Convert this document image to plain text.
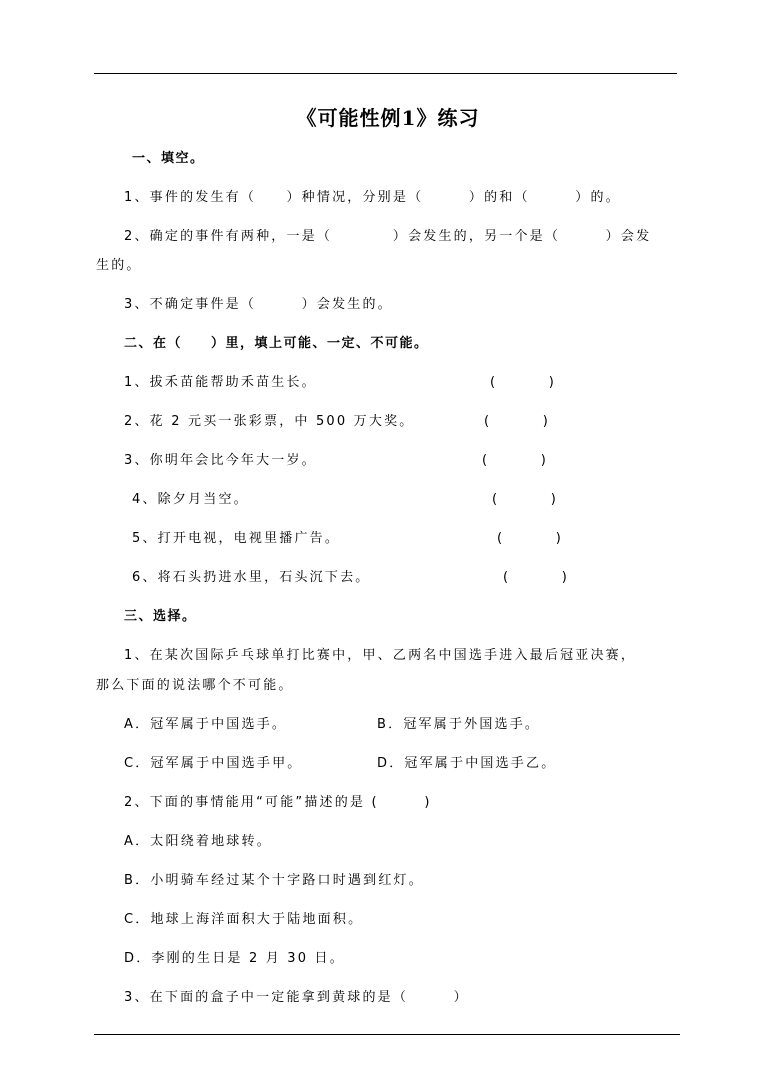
《可能性例1》练习
一、填空。
1、事件的发生有（　　）种情况，分别是（　　　）的和（　　　）的。
2、确定的事件有两种，一是（　　　　）会发生的，另一个是（　　　）会发
生的。
3、不确定事件是（　　　）会发生的。
二、在（　　）里，填上可能、一定、不可能。
1、拔禾苗能帮助禾苗生长。	(             )
2、花 2 元买一张彩票，中 500 万大奖。	(             )
3、你明年会比今年大一岁。	(             )
4、除夕月当空。	(             )
5、打开电视，电视里播广告。	(             )
6、将石头扔进水里，石头沉下去。	(             )
三、选择。
1、在某次国际乒乓球单打比赛中，甲、乙两名中国选手进入最后冠亚决赛，
那么下面的说法哪个不可能。
A．冠军属于中国选手。	B．冠军属于外国选手。
C．冠军属于中国选手甲。	D．冠军属于中国选手乙。
2、下面的事情能用“可能”描述的是 (　　　)
A．太阳绕着地球转。
B．小明骑车经过某个十字路口时遇到红灯。
C．地球上海洋面积大于陆地面积。
D．李刚的生日是 2 月 30 日。
3、在下面的盒子中一定能拿到黄球的是（　　　）
